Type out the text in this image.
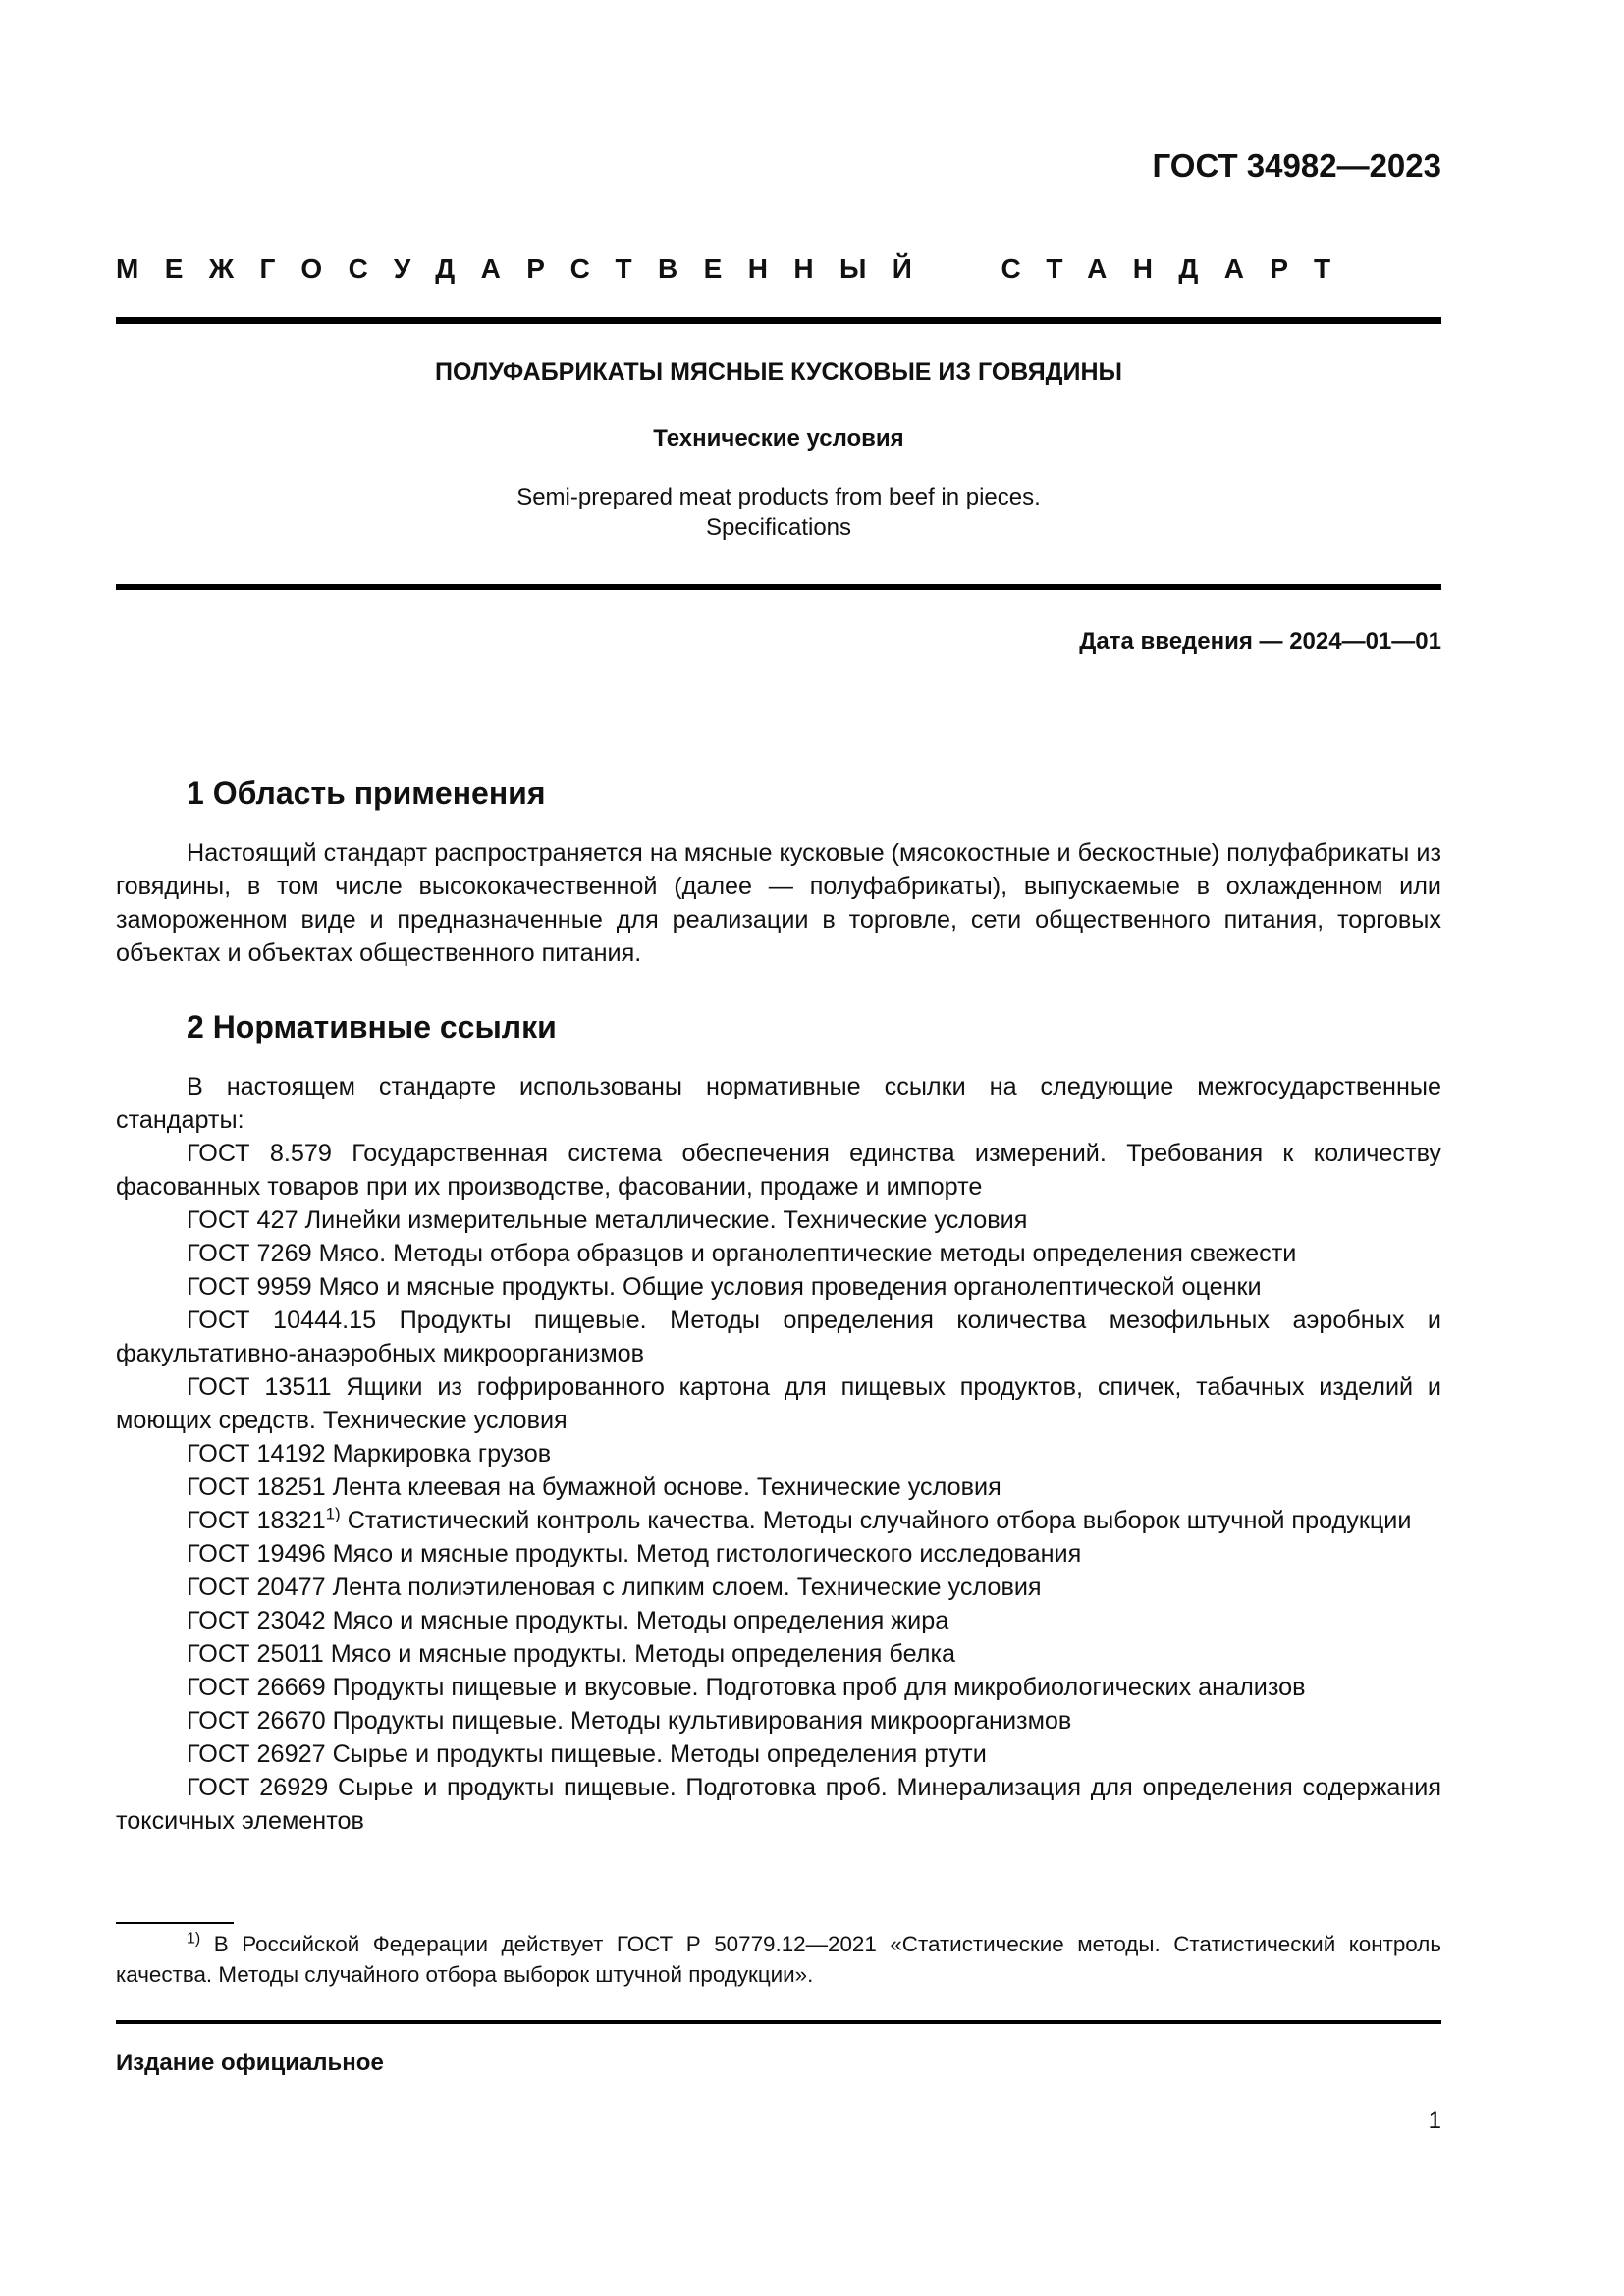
ГОСТ 34982—2023
МЕЖГОСУДАРСТВЕННЫЙ СТАНДАРТ
ПОЛУФАБРИКАТЫ МЯСНЫЕ КУСКОВЫЕ ИЗ ГОВЯДИНЫ
Технические условия
Semi-prepared meat products from beef in pieces.
Specifications
Дата введения — 2024—01—01
1 Область применения
Настоящий стандарт распространяется на мясные кусковые (мясокостные и бескостные) полуфабрикаты из говядины, в том числе высококачественной (далее — полуфабрикаты), выпускаемые в охлажденном или замороженном виде и предназначенные для реализации в торговле, сети общественного питания, торговых объектах и объектах общественного питания.
2 Нормативные ссылки
В настоящем стандарте использованы нормативные ссылки на следующие межгосударственные стандарты:
ГОСТ 8.579 Государственная система обеспечения единства измерений. Требования к количеству фасованных товаров при их производстве, фасовании, продаже и импорте
ГОСТ 427 Линейки измерительные металлические. Технические условия
ГОСТ 7269 Мясо. Методы отбора образцов и органолептические методы определения свежести
ГОСТ 9959 Мясо и мясные продукты. Общие условия проведения органолептической оценки
ГОСТ 10444.15 Продукты пищевые. Методы определения количества мезофильных аэробных и факультативно-анаэробных микроорганизмов
ГОСТ 13511 Ящики из гофрированного картона для пищевых продуктов, спичек, табачных изделий и моющих средств. Технические условия
ГОСТ 14192 Маркировка грузов
ГОСТ 18251 Лента клеевая на бумажной основе. Технические условия
ГОСТ 18321$^{1)}$ Статистический контроль качества. Методы случайного отбора выборок штучной продукции
ГОСТ 19496 Мясо и мясные продукты. Метод гистологического исследования
ГОСТ 20477 Лента полиэтиленовая с липким слоем. Технические условия
ГОСТ 23042 Мясо и мясные продукты. Методы определения жира
ГОСТ 25011 Мясо и мясные продукты. Методы определения белка
ГОСТ 26669 Продукты пищевые и вкусовые. Подготовка проб для микробиологических анализов
ГОСТ 26670 Продукты пищевые. Методы культивирования микроорганизмов
ГОСТ 26927 Сырье и продукты пищевые. Методы определения ртути
ГОСТ 26929 Сырье и продукты пищевые. Подготовка проб. Минерализация для определения содержания токсичных элементов
$^{1)}$ В Российской Федерации действует ГОСТ Р 50779.12—2021 «Статистические методы. Статистический контроль качества. Методы случайного отбора выборок штучной продукции».
Издание официальное
1
